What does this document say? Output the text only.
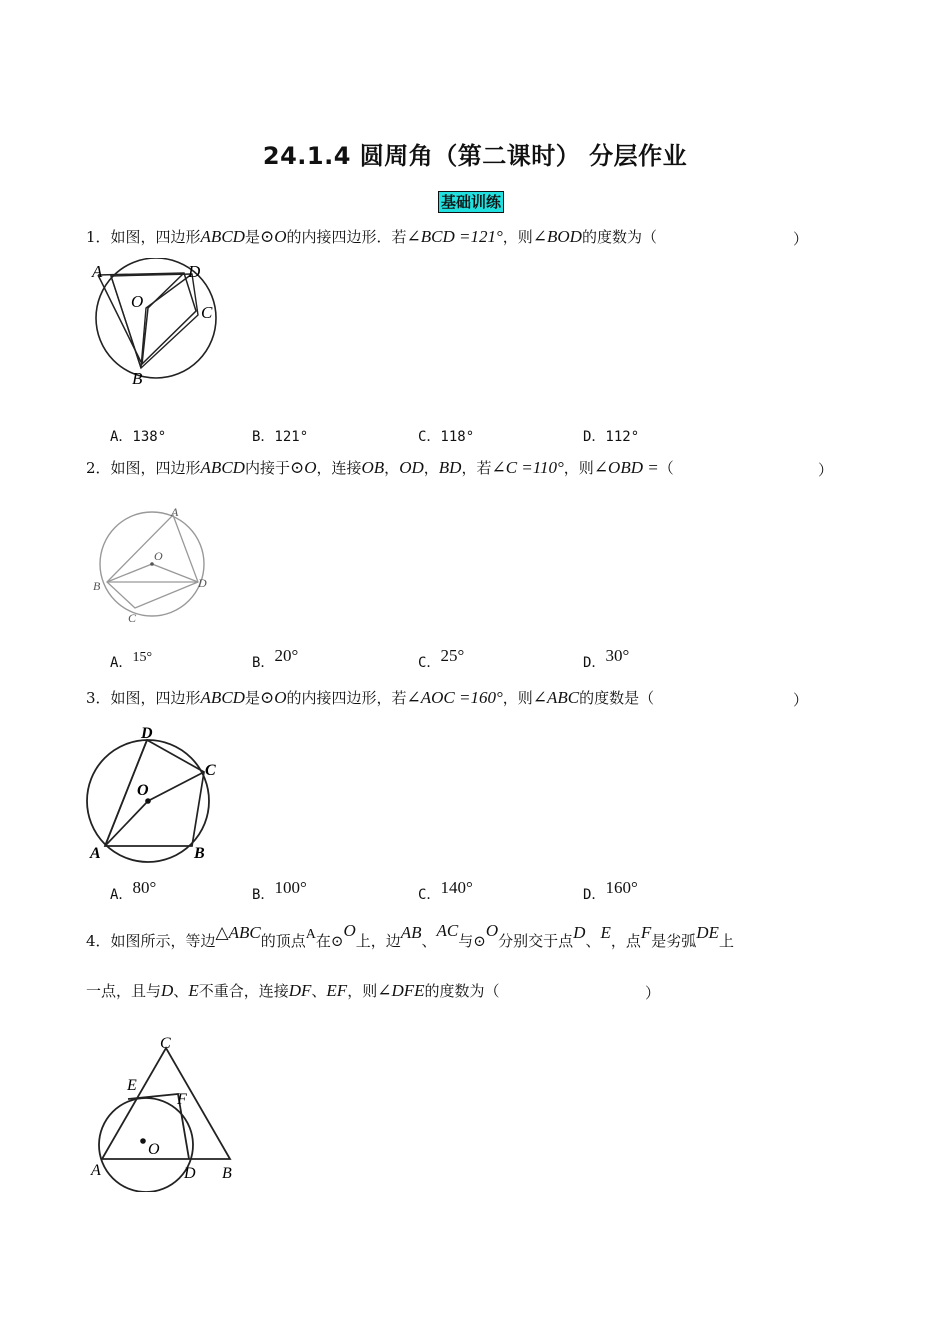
24.1.4 圆周角（第二课时） 分层作业
基础训练
1．如图，四边形ABCD是⊙O的内接四边形．若∠BCD =121°，则∠BOD的度数为（	）
A	D
C
B
O
A．138°	B．121°	C．118°	D．112°
2．如图，四边形ABCD内接于⊙O，连接OB，OD，BD，若∠C =110°，则∠OBD =（	）
A
B	D
C
O
A．15°	B．20°	C．25°	D．30°
3．如图，四边形ABCD是⊙O的内接四边形，若∠AOC =160°，则∠ABC的度数是（	）
D
C
A	B
O
A．80°	B．100°	C．140°	D．160°
4．如图所示，等边△ABC的顶点A在⊙O上，边AB、AC与⊙O分别交于点D、E，点F是劣弧DE上
一点，且与D、E不重合，连接DF、EF，则∠DFE的度数为（	）
C
E
F
A	D B
O
